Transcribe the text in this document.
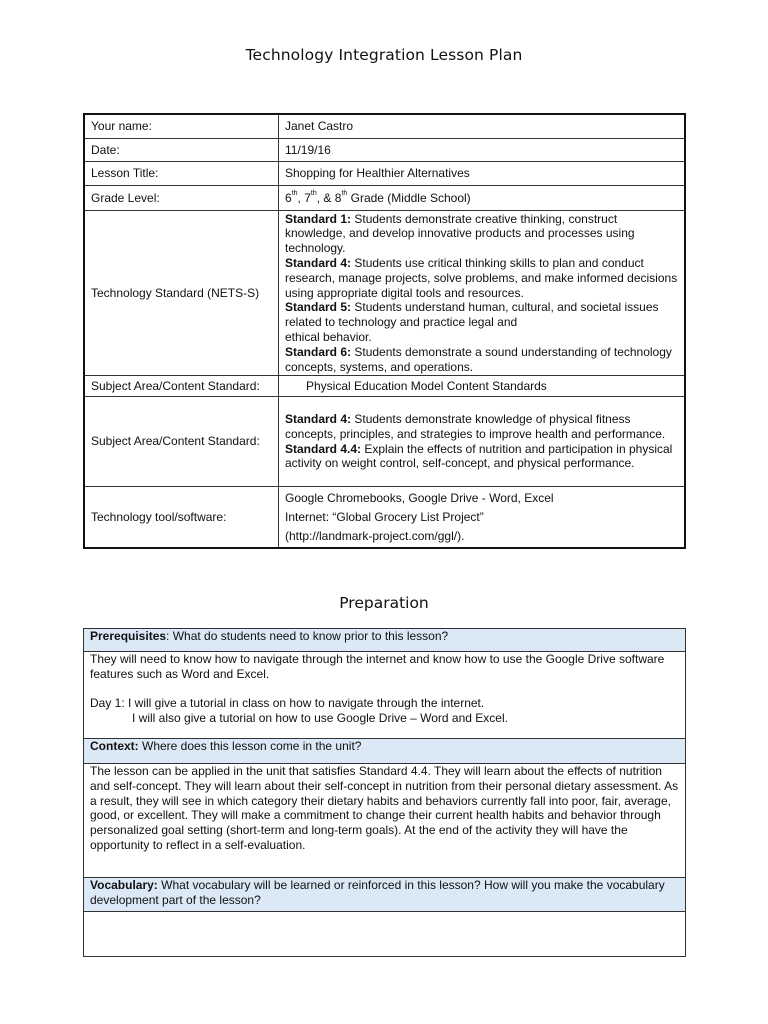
Technology Integration Lesson Plan
Your name:	Janet Castro
Date:	11/19/16
Lesson Title:	Shopping for Healthier Alternatives
Grade Level:	6th, 7th, & 8th Grade (Middle School)
Technology Standard (NETS-S)	Standard 1: Students demonstrate creative thinking, construct knowledge, and develop innovative products and processes using technology.
Standard 4: Students use critical thinking skills to plan and conduct research, manage projects, solve problems, and make informed decisions using appropriate digital tools and resources.
Standard 5: Students understand human, cultural, and societal issues related to technology and practice legal and
ethical behavior.
Standard 6: Students demonstrate a sound understanding of technology concepts, systems, and operations.

Subject Area/Content Standard:	Physical Education Model Content Standards
Subject Area/Content Standard:	Standard 4: Students demonstrate knowledge of physical fitness concepts, principles, and strategies to improve health and performance.
Standard 4.4: Explain the effects of nutrition and participation in physical activity on weight control, self-concept, and physical performance.

Technology tool/software:	Google Chromebooks, Google Drive - Word, Excel
Internet: “Global Grocery List Project”
(http://landmark-project.com/ggl/).
Preparation
Prerequisites: What do students need to know prior to this lesson?

They will need to know how to navigate through the internet and know how to use the Google Drive software features such as Word and Excel.
Day 1: I will give a tutorial in class on how to navigate through the internet.
I will also give a tutorial on how to use Google Drive – Word and Excel.

Context: Where does this lesson come in the unit?
The lesson can be applied in the unit that satisfies Standard 4.4. They will learn about the effects of nutrition and self-concept. They will learn about their self-concept in nutrition from their personal dietary assessment. As a result, they will see in which category their dietary habits and behaviors currently fall into poor, fair, average, good, or excellent. They will make a commitment to change their current health habits and behavior through personalized goal setting (short-term and long-term goals). At the end of the activity they will have the opportunity to reflect in a self-evaluation.
Vocabulary: What vocabulary will be learned or reinforced in this lesson? How will you make the vocabulary development part of the lesson?
